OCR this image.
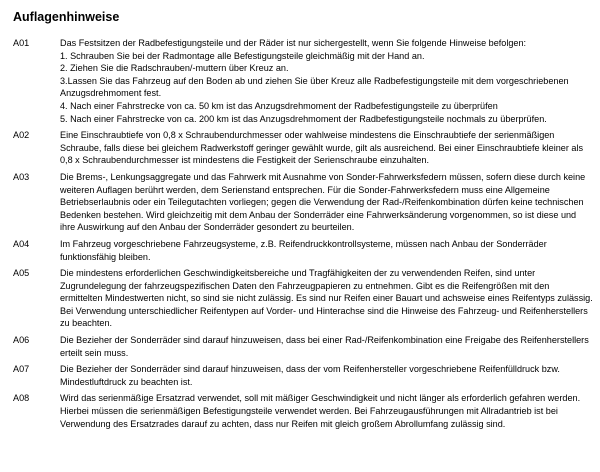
Auflagenhinweise
A01	Das Festsitzen der Radbefestigungsteile und der Räder ist nur sichergestellt, wenn Sie folgende Hinweise befolgen:
1. Schrauben Sie bei der Radmontage alle Befestigungsteile gleichmäßig mit der Hand an.
2. Ziehen Sie die Radschrauben/-muttern über Kreuz an.
3.Lassen Sie das Fahrzeug auf den Boden ab und ziehen Sie über Kreuz alle Radbefestigungsteile mit dem vorgeschriebenen Anzugsdrehmoment fest.
4. Nach einer Fahrstrecke von ca. 50 km ist das Anzugsdrehmoment der Radbefestigungsteile zu überprüfen
5. Nach einer Fahrstrecke von ca. 200 km ist das Anzugsdrehmoment der Radbefestigungsteile nochmals zu überprüfen.
A02	Eine Einschraubtiefe von 0,8 x Schraubendurchmesser oder wahlweise mindestens die Einschraubtiefe der serienmäßigen Schraube, falls diese bei gleichem Radwerkstoff geringer gewählt wurde, gilt als ausreichend. Bei einer Einschraubtiefe kleiner als 0,8 x Schraubendurchmesser ist mindestens die Festigkeit der Serienschraube einzuhalten.
A03	Die Brems-, Lenkungsaggregate und das Fahrwerk mit Ausnahme von Sonder-Fahrwerksfedern müssen, sofern diese durch keine weiteren Auflagen berührt werden, dem Serienstand entsprechen. Für die Sonder-Fahrwerksfedern muss eine Allgemeine Betriebserlaubnis oder ein Teilegutachten vorliegen; gegen die Verwendung der Rad-/Reifenkombination dürfen keine technischen Bedenken bestehen. Wird gleichzeitig mit dem Anbau der Sonderräder eine Fahrwerksänderung vorgenommen, so ist diese und ihre Auswirkung auf den Anbau der Sonderräder gesondert zu beurteilen.
A04	Im Fahrzeug vorgeschriebene Fahrzeugsysteme, z.B. Reifendruckkontrollsysteme, müssen nach Anbau der Sonderräder funktionsfähig bleiben.
A05	Die mindestens erforderlichen Geschwindigkeitsbereiche und Tragfähigkeiten der zu verwendenden Reifen, sind unter Zugrundelegung der fahrzeugspezifischen Daten den Fahrzeugpapieren zu entnehmen. Gibt es die Reifengrößen mit den ermittelten Mindestwerten nicht, so sind sie nicht zulässig. Es sind nur Reifen einer Bauart und achsweise eines Reifentyps zulässig. Bei Verwendung unterschiedlicher Reifentypen auf Vorder- und Hinterachse sind die Hinweise des Fahrzeug- und Reifenherstellers zu beachten.
A06	Die Bezieher der Sonderräder sind darauf hinzuweisen, dass bei einer Rad-/Reifenkombination eine Freigabe des Reifenherstellers erteilt sein muss.
A07	Die Bezieher der Sonderräder sind darauf hinzuweisen, dass der vom Reifenhersteller vorgeschriebene Reifenfülldruck bzw. Mindestluftdruck zu beachten ist.
A08	Wird das serienmäßige Ersatzrad verwendet, soll mit mäßiger Geschwindigkeit und nicht länger als erforderlich gefahren werden. Hierbei müssen die serienmäßigen Befestigungsteile verwendet werden. Bei Fahrzeugausführungen mit Allradantrieb ist bei Verwendung des Ersatzrades darauf zu achten, dass nur Reifen mit gleich großem Abrollumfang zulässig sind.
